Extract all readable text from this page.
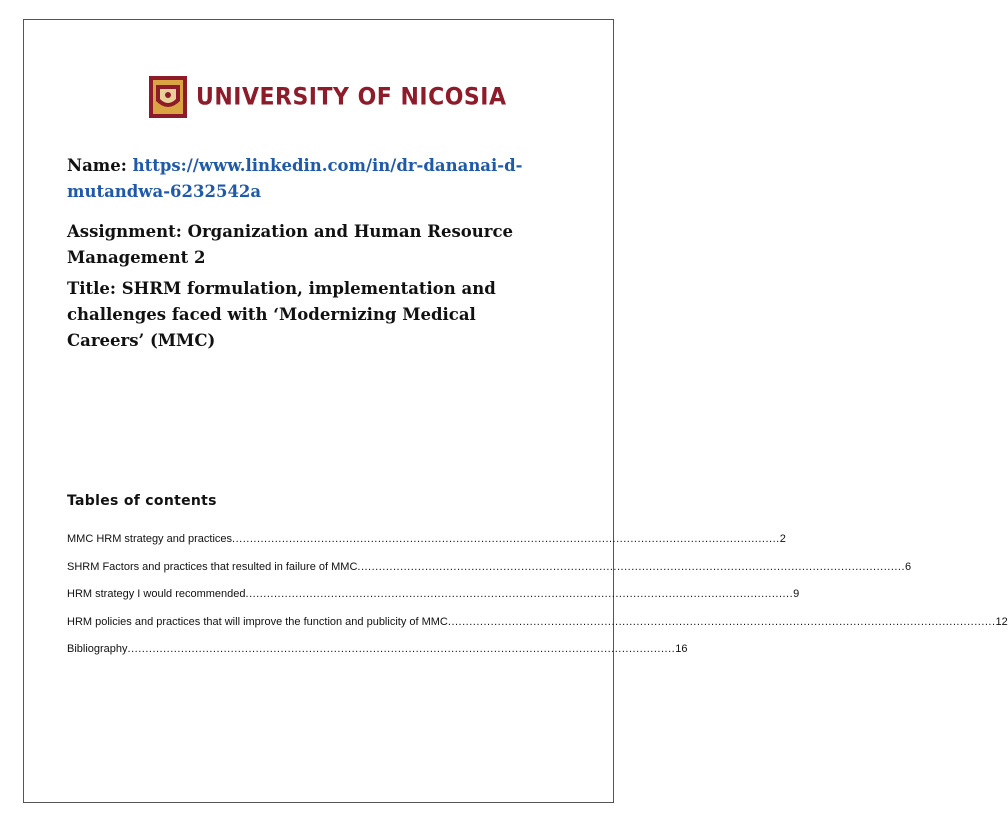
UNIVERSITY OF NICOSIA
Name: https://www.linkedin.com/in/dr-dananai-d-mutandwa-6232542a
Assignment: Organization and Human Resource Management 2
Title: SHRM formulation, implementation and challenges faced with ‘Modernizing Medical Careers’ (MMC)
Tables of contents
MMC HRM strategy and practices .......................................................................................................................................................... 2
SHRM Factors and practices that resulted in failure of MMC .......................................................................................................................................................... 6
HRM strategy I would recommended .......................................................................................................................................................... 9
HRM policies and practices that will improve the function and publicity of MMC .......................................................................................................................................................... 12
Bibliography .......................................................................................................................................................... 16
